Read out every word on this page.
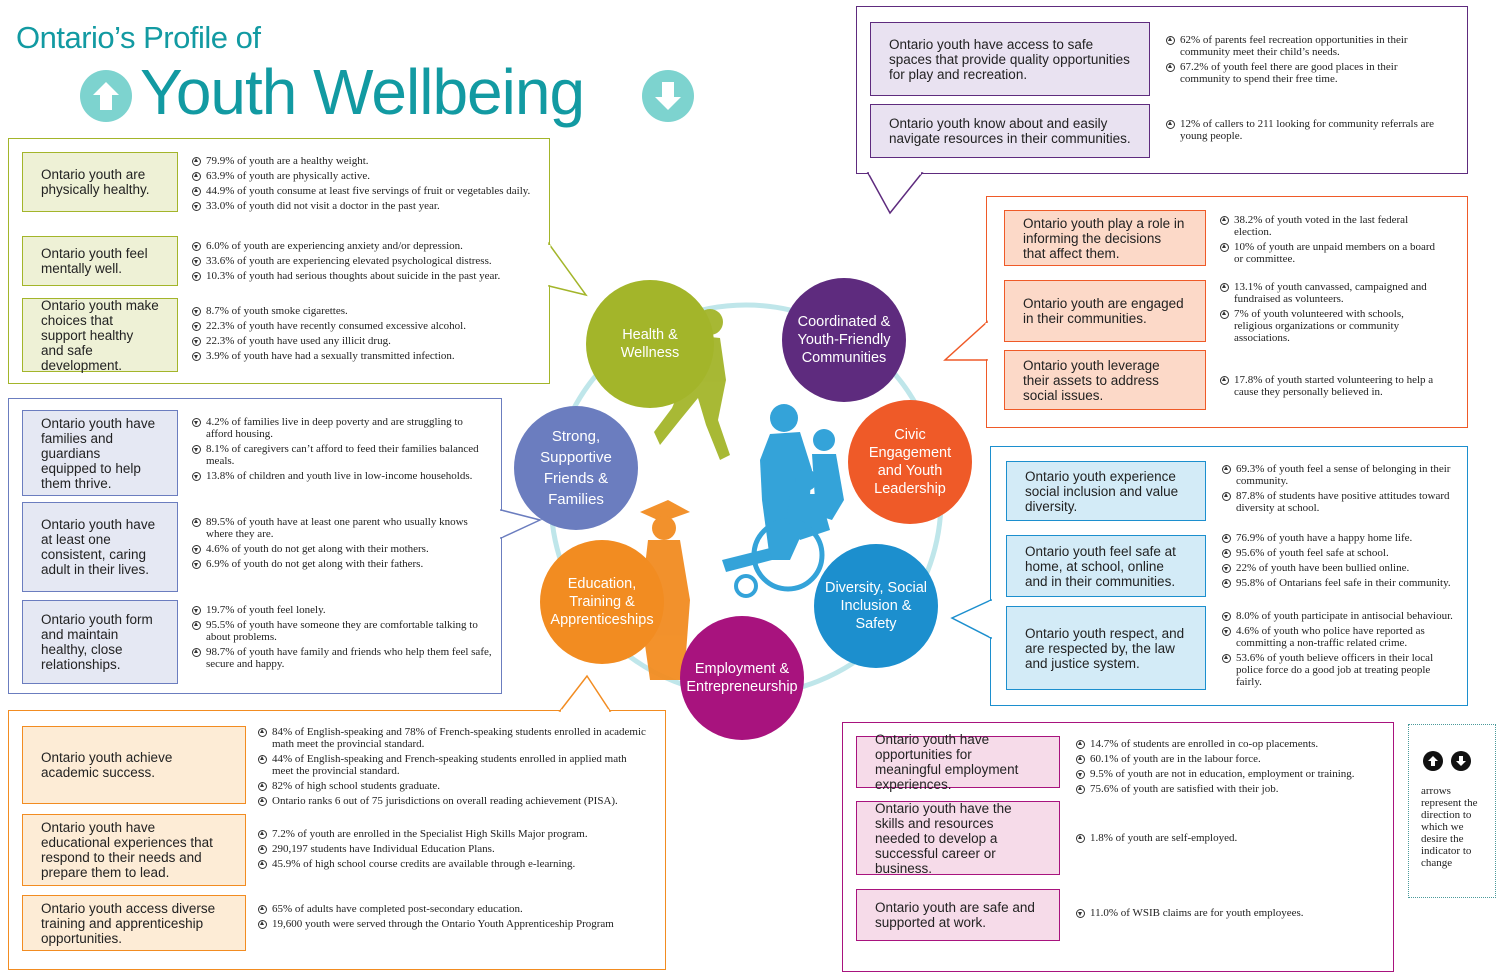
Ontario’s Profile of
Youth Wellbeing
Health & Wellness
Coordinated & Youth-Friendly Communities
Civic Engagement and Youth Leadership
Diversity, Social Inclusion & Safety
Employment & Entrepreneurship
Education, Training & Apprenticeships
Strong, Supportive Friends & Families
arrows represent the direction to which we desire the indicator to change
Ontario youth are physically healthy.
79.9% of youth are a healthy weight.
63.9% of youth are physically active.
44.9% of youth consume at least five servings of fruit or vegetables daily.
33.0% of youth did not visit a doctor in the past year.
Ontario youth feel mentally well.
6.0% of youth are experiencing anxiety and/or depression.
33.6% of youth are experiencing elevated psychological distress.
10.3% of youth had serious thoughts about suicide in the past year.
Ontario youth make choices that support healthy and safe development.
8.7% of youth smoke cigarettes.
22.3% of youth have recently consumed excessive alcohol.
22.3% of youth have used any illicit drug.
3.9% of youth have had a sexually transmitted infection.
Ontario youth have families and guardians equipped to help them thrive.
4.2% of families live in deep poverty and are struggling to afford housing.
8.1% of caregivers can’t afford to feed their families balanced meals.
13.8% of children and youth live in low-income households.
Ontario youth have at least one consistent, caring adult in their lives.
89.5% of youth have at least one parent who usually knows where they are.
4.6% of youth do not get along with their mothers.
6.9% of youth do not get along with their fathers.
Ontario youth form and maintain healthy, close relationships.
19.7% of youth feel lonely.
95.5% of youth have someone they are comfortable talking to about problems.
98.7% of youth have family and friends who help them feel safe, secure and happy.
Ontario youth achieve academic success.
84% of English-speaking and 78% of French-speaking students enrolled in academic math meet the provincial standard.
44% of English-speaking and French-speaking students enrolled in applied math meet the provincial standard.
82% of high school students graduate.
Ontario ranks 6 out of 75 jurisdictions on overall reading achievement (PISA).
Ontario youth have educational experiences that respond to their needs and prepare them to lead.
7.2% of youth are enrolled in the Specialist High Skills Major program.
290,197 students have Individual Education Plans.
45.9% of high school course credits are available through e-learning.
Ontario youth access diverse training and apprenticeship opportunities.
65% of adults have completed post-secondary education.
19,600 youth were served through the Ontario Youth Apprenticeship Program
Ontario youth have access to safe spaces that provide quality opportunities for play and recreation.
62% of parents feel recreation opportunities in their community meet their child’s needs.
67.2% of youth feel there are good places in their community to spend their free time.
Ontario youth know about and easily navigate resources in their communities.
12% of callers to 211 looking for community referrals are young people.
Ontario youth play a role in informing the decisions that affect them.
38.2% of youth voted in the last federal election.
10% of youth are unpaid members on a board or committee.
Ontario youth are engaged in their communities.
13.1% of youth canvassed, campaigned and fundraised as volunteers.
7% of youth volunteered with schools, religious organizations or community associations.
Ontario youth leverage their assets to address social issues.
17.8% of youth started volunteering to help a cause they personally believed in.
Ontario youth experience social inclusion and value diversity.
69.3% of youth feel a sense of belonging in their community.
87.8% of students have positive attitudes toward diversity at school.
Ontario youth feel safe at home, at school, online and in their communities.
76.9% of youth have a happy home life.
95.6% of youth feel safe at school.
22% of youth have been bullied online.
95.8% of Ontarians feel safe in their community.
Ontario youth respect, and are respected by, the law and justice system.
8.0% of youth participate in antisocial behaviour.
4.6% of youth who police have reported as committing a non-traffic related crime.
53.6% of youth believe officers in their local police force do a good job at treating people fairly.
Ontario youth have opportunities for meaningful employment experiences.
14.7% of students are enrolled in co-op placements.
60.1% of youth are in the labour force.
9.5% of youth are not in education, employment or training.
75.6% of youth are satisfied with their job.
Ontario youth have the skills and resources needed to develop a successful career or business.
1.8% of youth are self-employed.
Ontario youth are safe and supported at work.
11.0% of WSIB claims are for youth employees.
